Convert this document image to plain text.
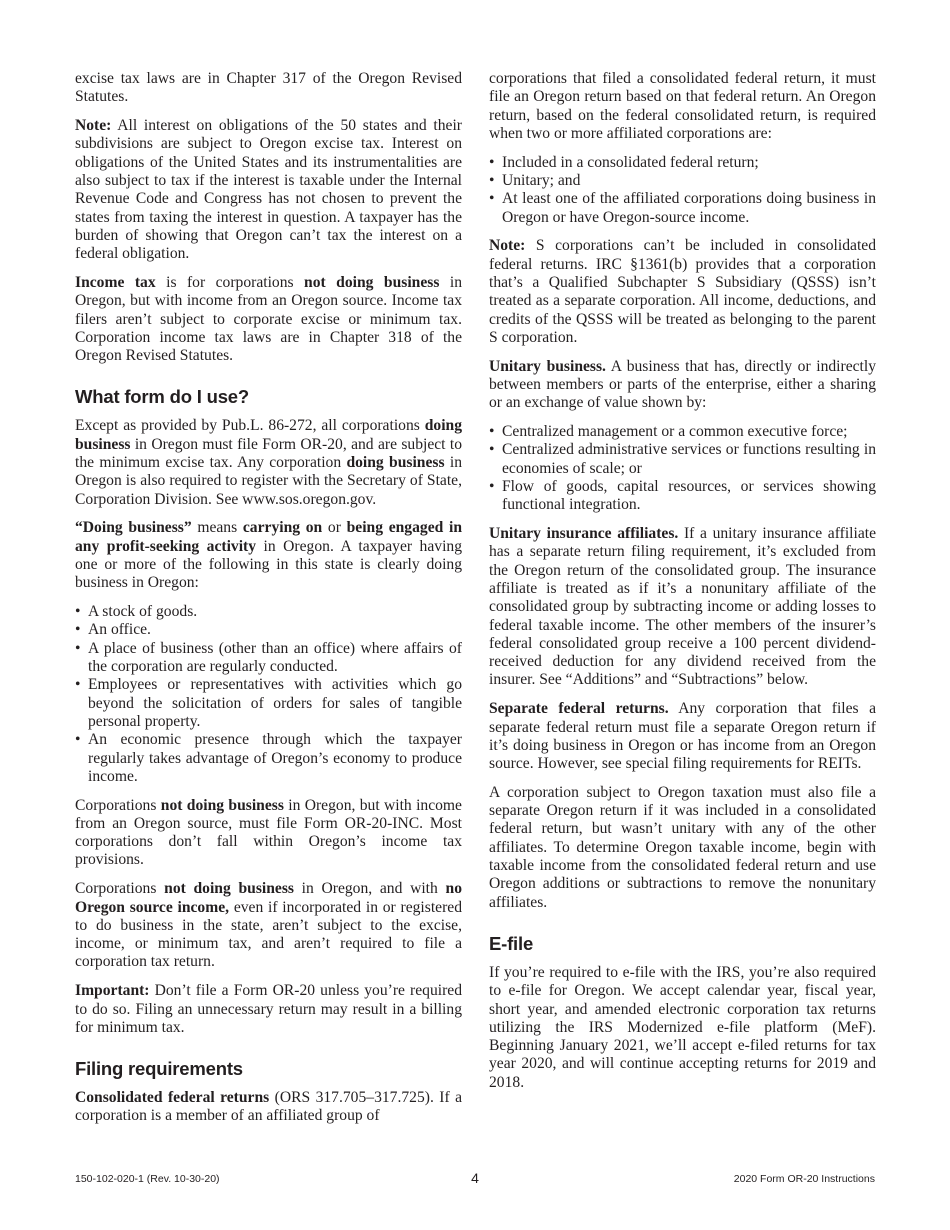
excise tax laws are in Chapter 317 of the Oregon Revised Statutes.

Note: All interest on obligations of the 50 states and their subdivisions are subject to Oregon excise tax. Interest on obligations of the United States and its instrumentalities are also subject to tax if the interest is taxable under the Internal Revenue Code and Congress has not chosen to prevent the states from taxing the interest in question. A taxpayer has the burden of showing that Oregon can’t tax the interest on a federal obligation.

Income tax is for corporations not doing business in Oregon, but with income from an Oregon source. Income tax filers aren’t subject to corporate excise or minimum tax. Corporation income tax laws are in Chapter 318 of the Oregon Revised Statutes.

What form do I use?

Except as provided by Pub.L. 86-272, all corporations doing business in Oregon must file Form OR-20, and are subject to the minimum excise tax. Any corporation doing business in Oregon is also required to register with the Secretary of State, Corporation Division. See www.sos.oregon.gov.

“Doing business” means carrying on or being engaged in any profit-seeking activity in Oregon. A taxpayer having one or more of the following in this state is clearly doing business in Oregon:

• A stock of goods.
• An office.
• A place of business (other than an office) where affairs of the corporation are regularly conducted.
• Employees or representatives with activities which go beyond the solicitation of orders for sales of tangible personal property.
• An economic presence through which the taxpayer regularly takes advantage of Oregon’s economy to produce income.

Corporations not doing business in Oregon, but with income from an Oregon source, must file Form OR-20-INC. Most corporations don’t fall within Oregon’s income tax provisions.

Corporations not doing business in Oregon, and with no Oregon source income, even if incorporated in or registered to do business in the state, aren’t subject to the excise, income, or minimum tax, and aren’t required to file a corporation tax return.

Important: Don’t file a Form OR-20 unless you’re required to do so. Filing an unnecessary return may result in a billing for minimum tax.

Filing requirements

Consolidated federal returns (ORS 317.705–317.725). If a corporation is a member of an affiliated group of

corporations that filed a consolidated federal return, it must file an Oregon return based on that federal return. An Oregon return, based on the federal consolidated return, is required when two or more affiliated corporations are:

• Included in a consolidated federal return;
• Unitary; and
• At least one of the affiliated corporations doing business in Oregon or have Oregon-source income.

Note: S corporations can’t be included in consolidated federal returns. IRC §1361(b) provides that a corporation that’s a Qualified Subchapter S Subsidiary (QSSS) isn’t treated as a separate corporation. All income, deductions, and credits of the QSSS will be treated as belonging to the parent S corporation.

Unitary business. A business that has, directly or indirectly between members or parts of the enterprise, either a sharing or an exchange of value shown by:

• Centralized management or a common executive force;
• Centralized administrative services or functions resulting in economies of scale; or
• Flow of goods, capital resources, or services showing functional integration.

Unitary insurance affiliates. If a unitary insurance affiliate has a separate return filing requirement, it’s excluded from the Oregon return of the consolidated group. The insurance affiliate is treated as if it’s a nonunitary affiliate of the consolidated group by subtracting income or adding losses to federal taxable income. The other members of the insurer’s federal consolidated group receive a 100 percent dividend-received deduction for any dividend received from the insurer. See “Additions” and “Subtractions” below.

Separate federal returns. Any corporation that files a separate federal return must file a separate Oregon return if it’s doing business in Oregon or has income from an Oregon source. However, see special filing requirements for REITs.

A corporation subject to Oregon taxation must also file a separate Oregon return if it was included in a consolidated federal return, but wasn’t unitary with any of the other affiliates. To determine Oregon taxable income, begin with taxable income from the consolidated federal return and use Oregon additions or subtractions to remove the nonunitary affiliates.

E-file

If you’re required to e-file with the IRS, you’re also required to e-file for Oregon. We accept calendar year, fiscal year, short year, and amended electronic corporation tax returns utilizing the IRS Modernized e-file platform (MeF). Beginning January 2021, we’ll accept e-filed returns for tax year 2020, and will continue accepting returns for 2019 and 2018.

150-102-020-1 (Rev. 10-30-20)	4	2020 Form OR-20 Instructions
